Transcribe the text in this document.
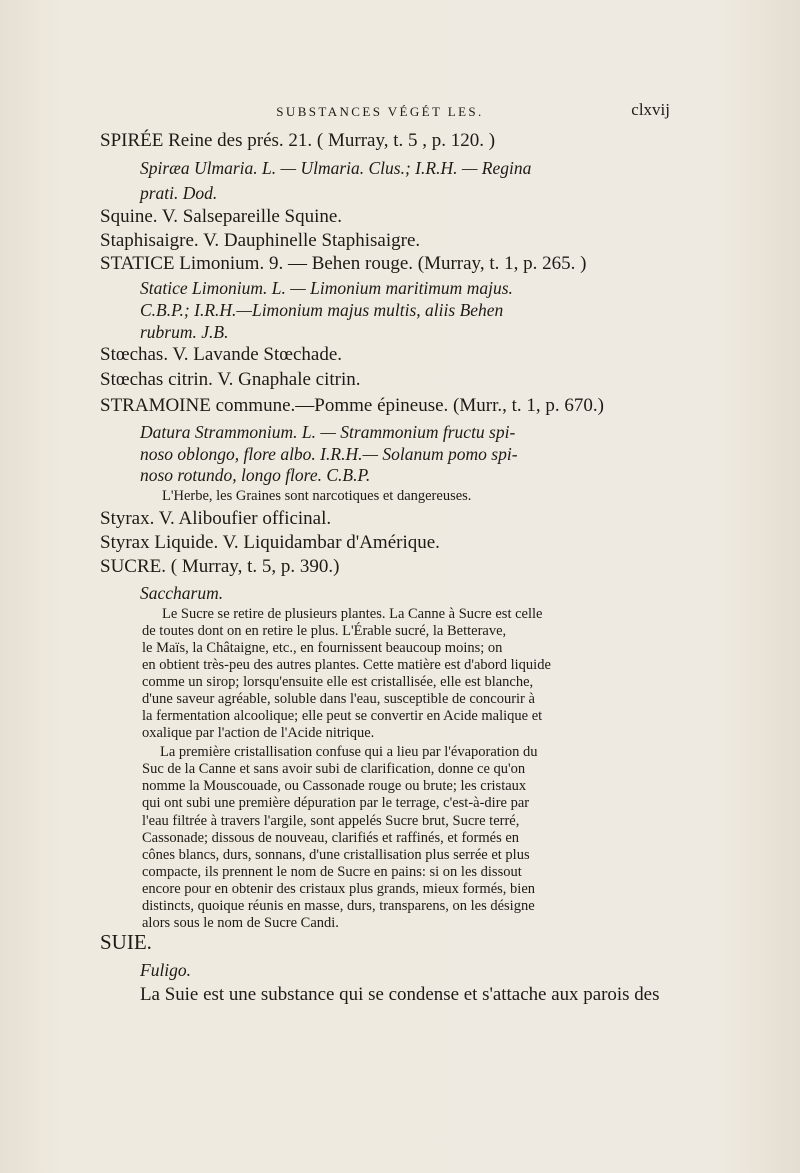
SUBSTANCES VÉGÉT LES.	clxvij
SPIRÉE Reine des prés. 21. ( Murray, t. 5 , p. 120. )
Spiræa Ulmaria. L. — Ulmaria. Clus.; I.R.H. — Regina
prati. Dod.
Squine. V. Salsepareille Squine.
Staphisaigre. V. Dauphinelle Staphisaigre.
STATICE Limonium. 9. — Behen rouge. (Murray, t. 1, p. 265. )
Statice Limonium. L. — Limonium maritimum majus.
C.B.P.; I.R.H.—Limonium majus multis, aliis Behen
rubrum. J.B.
Stœchas. V. Lavande Stœchade.
Stœchas citrin. V. Gnaphale citrin.
STRAMOINE commune.—Pomme épineuse. (Murr., t. 1, p. 670.)
Datura Strammonium. L. — Strammonium fructu spi-
noso oblongo, flore albo. I.R.H.— Solanum pomo spi-
noso rotundo, longo flore. C.B.P.
L'Herbe, les Graines sont narcotiques et dangereuses.
Styrax. V. Aliboufier officinal.
Styrax Liquide. V. Liquidambar d'Amérique.
SUCRE. ( Murray, t. 5, p. 390.)
Saccharum.
Le Sucre se retire de plusieurs plantes. La Canne à Sucre est celle
de toutes dont on en retire le plus. L'Érable sucré, la Betterave,
le Maïs, la Châtaigne, etc., en fournissent beaucoup moins; on
en obtient très-peu des autres plantes. Cette matière est d'abord liquide
comme un sirop; lorsqu'ensuite elle est cristallisée, elle est blanche,
d'une saveur agréable, soluble dans l'eau, susceptible de concourir à
la fermentation alcoolique; elle peut se convertir en Acide malique et
oxalique par l'action de l'Acide nitrique.
La première cristallisation confuse qui a lieu par l'évaporation du
Suc de la Canne et sans avoir subi de clarification, donne ce qu'on
nomme la Mouscouade, ou Cassonade rouge ou brute; les cristaux
qui ont subi une première dépuration par le terrage, c'est-à-dire par
l'eau filtrée à travers l'argile, sont appelés Sucre brut, Sucre terré,
Cassonade; dissous de nouveau, clarifiés et raffinés, et formés en
cônes blancs, durs, sonnans, d'une cristallisation plus serrée et plus
compacte, ils prennent le nom de Sucre en pains: si on les dissout
encore pour en obtenir des cristaux plus grands, mieux formés, bien
distincts, quoique réunis en masse, durs, transparens, on les désigne
alors sous le nom de Sucre Candi.
SUIE.
Fuligo.
La Suie est une substance qui se condense et s'attache aux parois des
